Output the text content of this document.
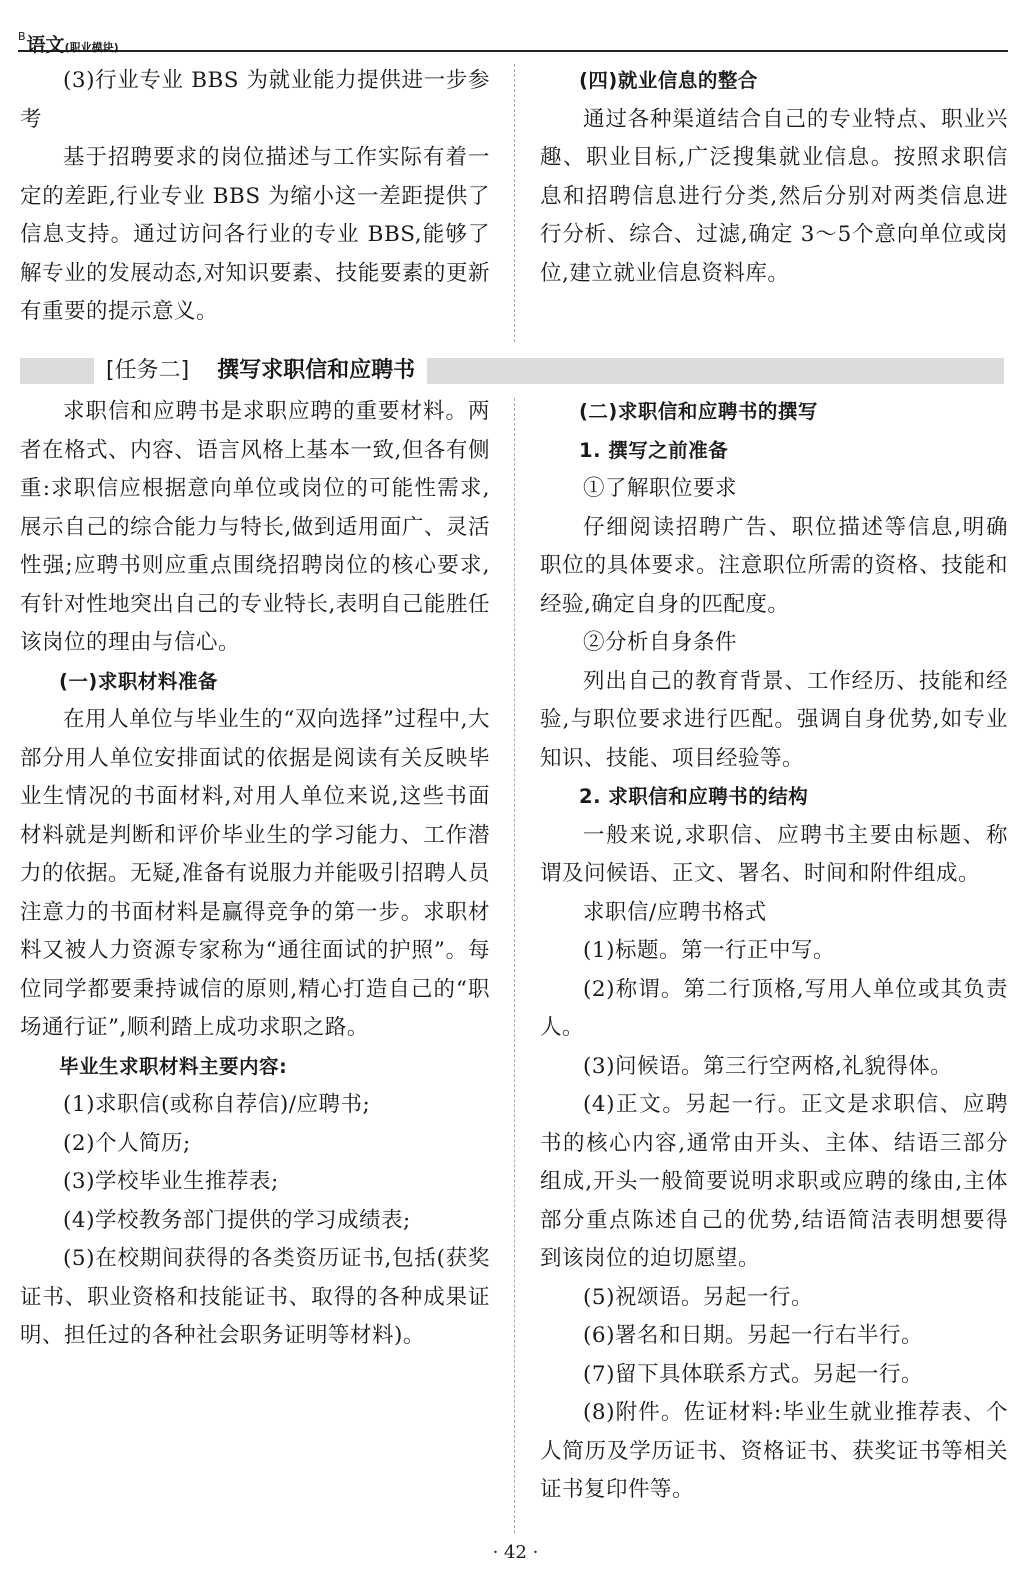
$^B$语文(职业模块)

(3)行业专业 BBS 为就业能力提供进一步参考

基于招聘要求的岗位描述与工作实际有着一定的差距,行业专业 BBS 为缩小这一差距提供了信息支持。通过访问各行业的专业 BBS,能够了解专业的发展动态,对知识要素、技能要素的更新有重要的提示意义。

(四)就业信息的整合

通过各种渠道结合自己的专业特点、职业兴趣、职业目标,广泛搜集就业信息。按照求职信息和招聘信息进行分类,然后分别对两类信息进行分析、综合、过滤,确定 3～5个意向单位或岗位,建立就业信息资料库。

[任务二] 撰写求职信和应聘书

求职信和应聘书是求职应聘的重要材料。两者在格式、内容、语言风格上基本一致,但各有侧重:求职信应根据意向单位或岗位的可能性需求,展示自己的综合能力与特长,做到适用面广、灵活性强;应聘书则应重点围绕招聘岗位的核心要求,有针对性地突出自己的专业特长,表明自己能胜任该岗位的理由与信心。

(一)求职材料准备

在用人单位与毕业生的“双向选择”过程中,大部分用人单位安排面试的依据是阅读有关反映毕业生情况的书面材料,对用人单位来说,这些书面材料就是判断和评价毕业生的学习能力、工作潜力的依据。无疑,准备有说服力并能吸引招聘人员注意力的书面材料是赢得竞争的第一步。求职材料又被人力资源专家称为“通往面试的护照”。每位同学都要秉持诚信的原则,精心打造自己的“职场通行证”,顺利踏上成功求职之路。

毕业生求职材料主要内容:

(1)求职信(或称自荐信)/应聘书;

(2)个人简历;

(3)学校毕业生推荐表;

(4)学校教务部门提供的学习成绩表;

(5)在校期间获得的各类资历证书,包括(获奖证书、职业资格和技能证书、取得的各种成果证明、担任过的各种社会职务证明等材料)。

(二)求职信和应聘书的撰写

1. 撰写之前准备

①了解职位要求

仔细阅读招聘广告、职位描述等信息,明确职位的具体要求。注意职位所需的资格、技能和经验,确定自身的匹配度。

②分析自身条件

列出自己的教育背景、工作经历、技能和经验,与职位要求进行匹配。强调自身优势,如专业知识、技能、项目经验等。

2. 求职信和应聘书的结构

一般来说,求职信、应聘书主要由标题、称谓及问候语、正文、署名、时间和附件组成。

求职信/应聘书格式

(1)标题。第一行正中写。

(2)称谓。第二行顶格,写用人单位或其负责人。

(3)问候语。第三行空两格,礼貌得体。

(4)正文。另起一行。正文是求职信、应聘书的核心内容,通常由开头、主体、结语三部分组成,开头一般简要说明求职或应聘的缘由,主体部分重点陈述自己的优势,结语简洁表明想要得到该岗位的迫切愿望。

(5)祝颂语。另起一行。

(6)署名和日期。另起一行右半行。

(7)留下具体联系方式。另起一行。

(8)附件。佐证材料:毕业生就业推荐表、个人简历及学历证书、资格证书、获奖证书等相关证书复印件等。

· 42 ·
